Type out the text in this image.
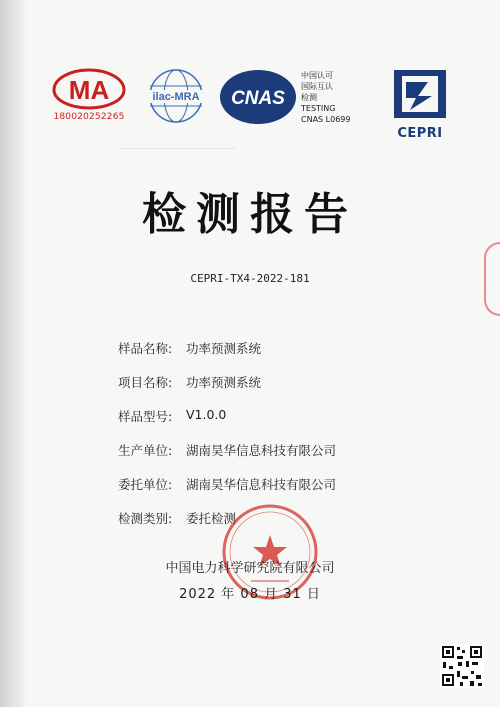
_____________________________
MA
180020252265
ilac-MRA CNAS
中国认可
国际互认
检测
TESTING
CNAS L0699
CEPRI
检测报告
CEPRI-TX4-2022-181
样品名称:	功率预测系统
项目名称:	功率预测系统
样品型号:	V1.0.0
生产单位:	湖南昊华信息科技有限公司
委托单位:	湖南昊华信息科技有限公司
检测类别:	委托检测
中国电力科学研究院有限公司
2022 年 08 月 31 日
